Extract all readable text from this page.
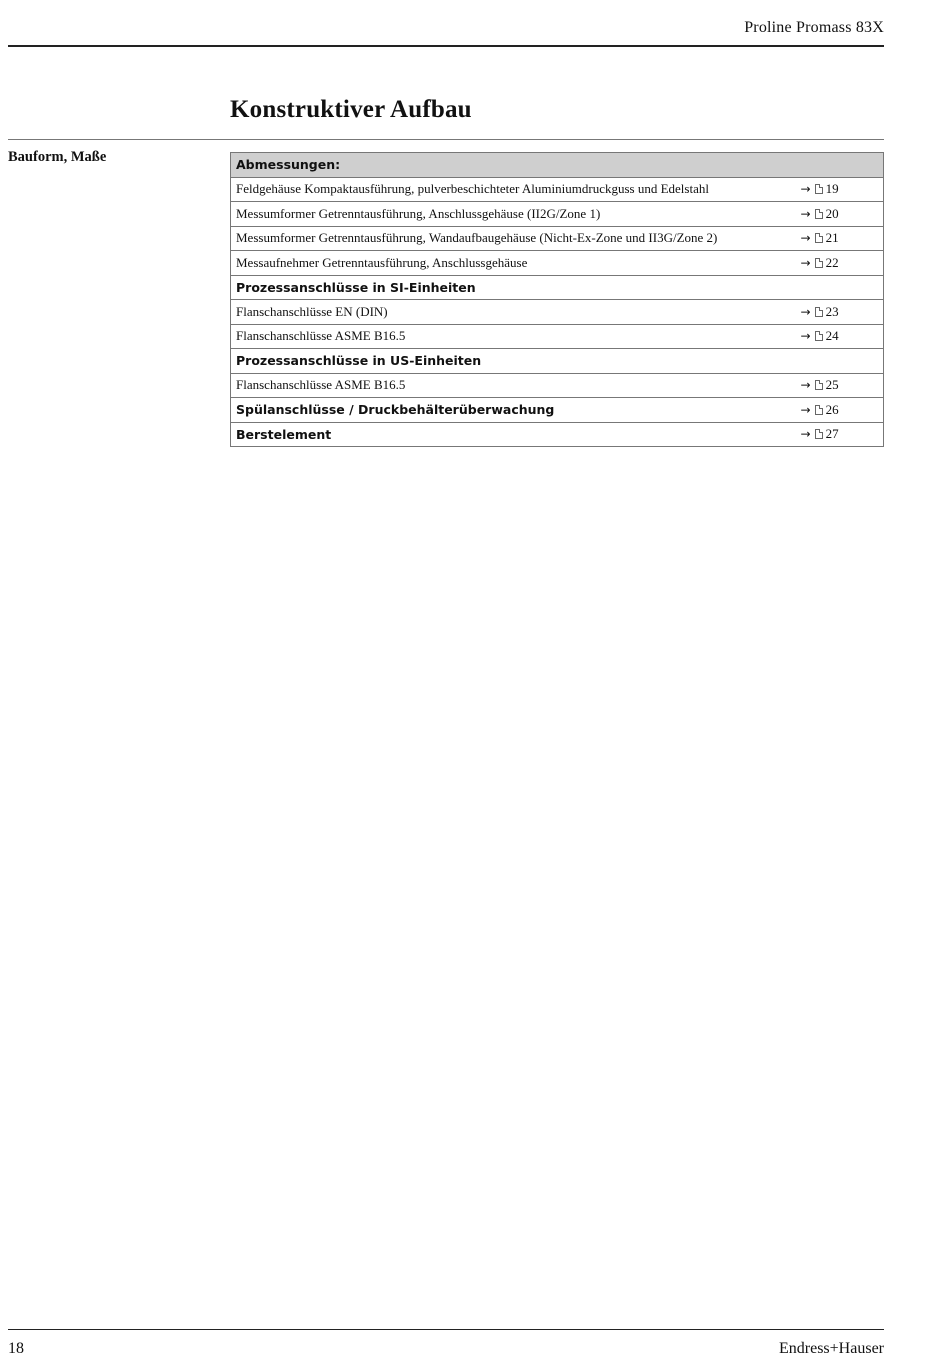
Proline Promass 83X
Konstruktiver Aufbau
Bauform, Maße	Abmessungen:	
Feldgehäuse Kompaktausführung, pulverbeschichteter Aluminiumdruckguss und Edelstahl	→ 19
Messumformer Getrenntausführung, Anschlussgehäuse (II2G/Zone 1)	→ 20
Messumformer Getrenntausführung, Wandaufbaugehäuse (Nicht-Ex-Zone und II3G/Zone 2)	→ 21
Messaufnehmer Getrenntausführung, Anschlussgehäuse	→ 22
Prozessanschlüsse in SI-Einheiten	
Flanschanschlüsse EN (DIN)	→ 23
Flanschanschlüsse ASME B16.5	→ 24
Prozessanschlüsse in US-Einheiten	
Flanschanschlüsse ASME B16.5	→ 25
Spülanschlüsse / Druckbehälterüberwachung	→ 26
Berstelement	→ 27
18	Endress+Hauser
